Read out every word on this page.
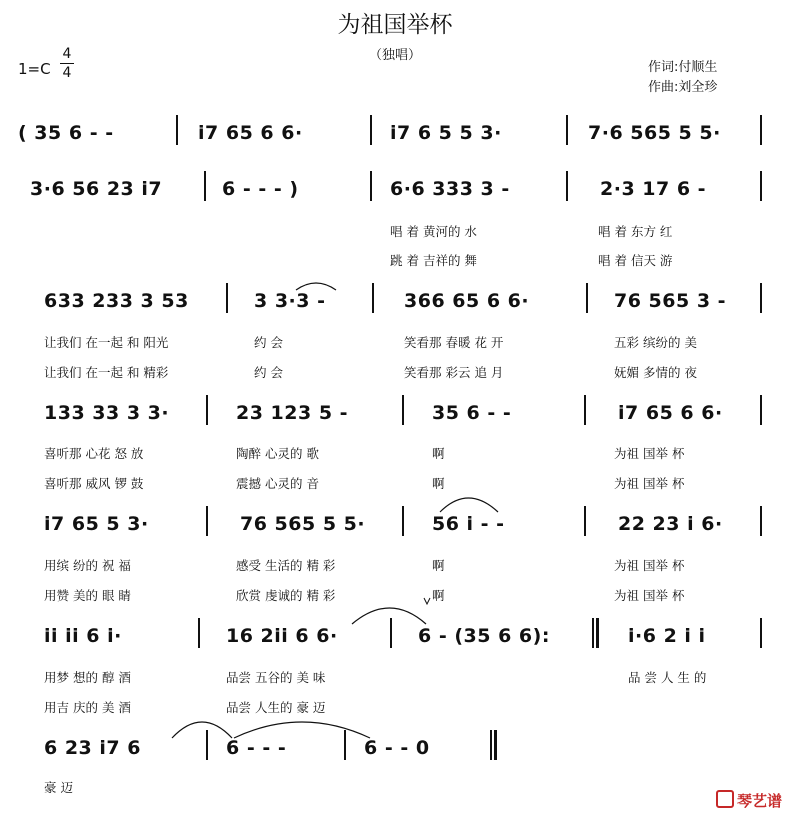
为祖国举杯
（独唱）
1=C
4
4	作词:付顺生
作曲:刘全珍
( 35 6 - -	i7 65 6 6·	i7 6 5 5 3·	7·6 565 5 5·
3·6 56 23 i7	6 - - - )	6·6 333 3 -	2·3 17 6 -
唱 着 黄河的 水	唱 着 东方 红
跳 着 吉祥的 舞	唱 着 信天 游
633 233 3 53	3 3·3 -	366 65 6 6·	76 565 3 -
让我们 在一起 和 阳光	约 会	笑看那 春暖 花 开	五彩 缤纷的 美
让我们 在一起 和 精彩	约 会	笑看那 彩云 追 月	妩媚 多情的 夜
133 33 3 3·	23 123 5 -	35 6 - -	i7 65 6 6·
喜听那 心花 怒 放	陶醉 心灵的 歌	啊	为祖 国举 杯
喜听那 威风 锣 鼓	震撼 心灵的 音	啊	为祖 国举 杯
i7 65 5 3·	76 565 5 5·	56 i - -	22 23 i 6·
用缤 纷的 祝 福	感受 生活的 精 彩	啊	为祖 国举 杯
用赞 美的 眼 睛	欣赏 虔诚的 精 彩	啊	为祖 国举 杯
ii ii 6 i·	16 2ii 6 6·	6 - (35 6 6):	i·6 2 i i
用梦 想的 醇 酒	品尝 五谷的 美 味	品 尝 人 生 的
用吉 庆的 美 酒	品尝 人生的 豪 迈
6 23 i7 6	6 - - -	6 - - 0
豪 迈
琴艺谱
